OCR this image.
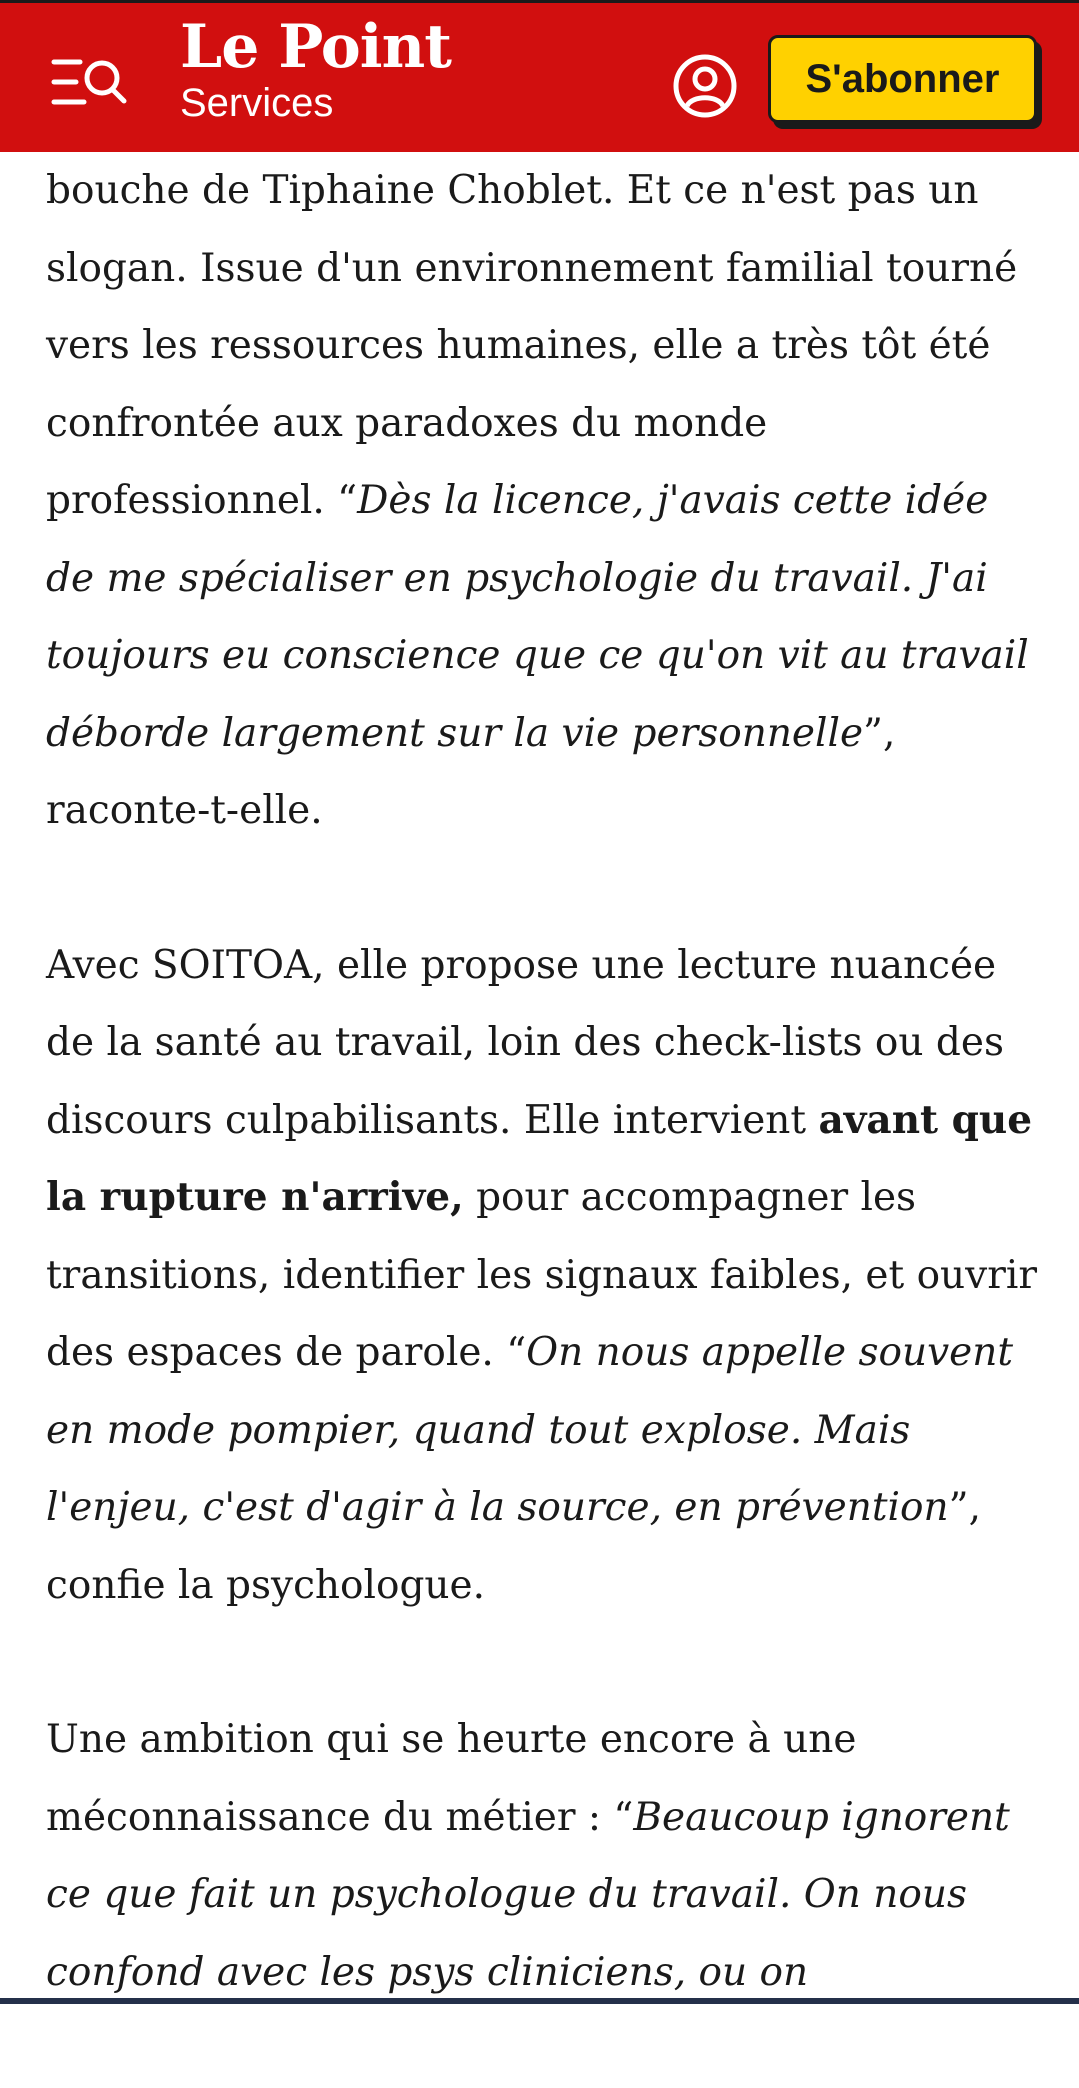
Le Point
Services
S'abonner

bouche de Tiphaine Choblet. Et ce n'est pas un slogan. Issue d'un environnement familial tourné vers les ressources humaines, elle a très tôt été confrontée aux paradoxes du monde professionnel. “Dès la licence, j'avais cette idée de me spécialiser en psychologie du travail. J'ai toujours eu conscience que ce qu'on vit au travail déborde largement sur la vie personnelle”, raconte-t-elle.

Avec SOITOA, elle propose une lecture nuancée de la santé au travail, loin des check-lists ou des discours culpabilisants. Elle intervient avant que la rupture n'arrive, pour accompagner les transitions, identifier les signaux faibles, et ouvrir des espaces de parole. “On nous appelle souvent en mode pompier, quand tout explose. Mais l'enjeu, c'est d'agir à la source, en prévention”, confie la psychologue.

Une ambition qui se heurte encore à une méconnaissance du métier : “Beaucoup ignorent ce que fait un psychologue du travail. On nous confond avec les psys cliniciens, ou on
